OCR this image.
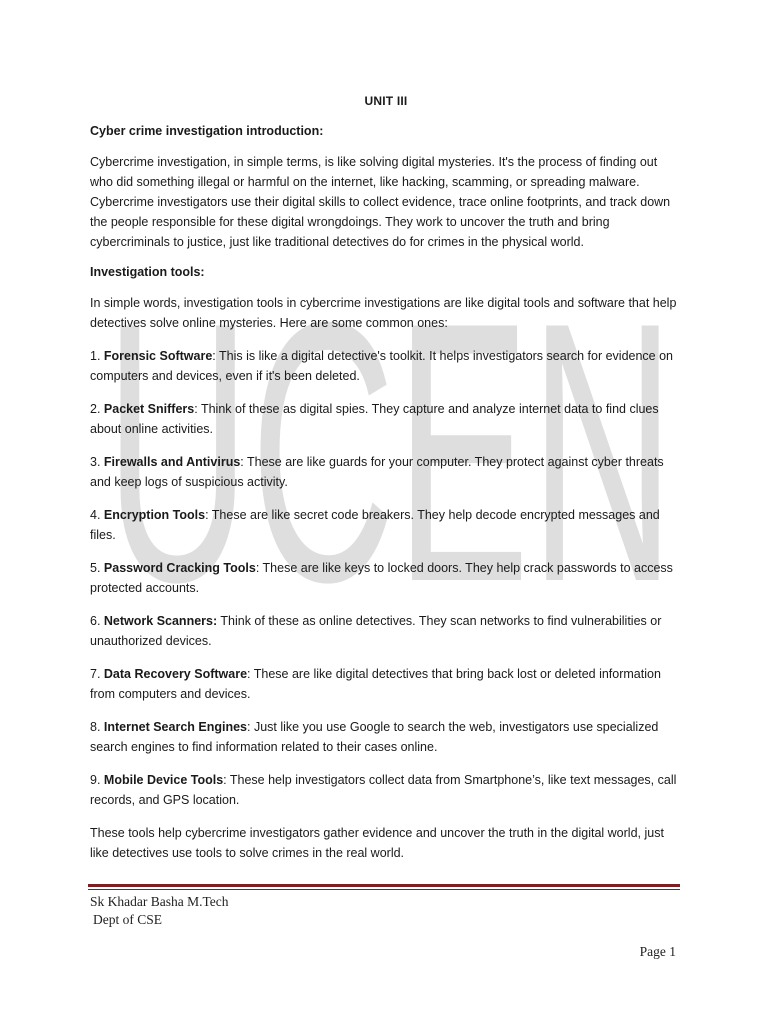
UCEN
UNIT III
Cyber crime investigation introduction:

Cybercrime investigation, in simple terms, is like solving digital mysteries. It's the process of finding out who did something illegal or harmful on the internet, like hacking, scamming, or spreading malware. Cybercrime investigators use their digital skills to collect evidence, trace online footprints, and track down the people responsible for these digital wrongdoings. They work to uncover the truth and bring cybercriminals to justice, just like traditional detectives do for crimes in the physical world.

Investigation tools:

In simple words, investigation tools in cybercrime investigations are like digital tools and software that help detectives solve online mysteries. Here are some common ones:

1. Forensic Software: This is like a digital detective's toolkit. It helps investigators search for evidence on computers and devices, even if it's been deleted.
2. Packet Sniffers: Think of these as digital spies. They capture and analyze internet data to find clues about online activities.
3. Firewalls and Antivirus: These are like guards for your computer. They protect against cyber threats and keep logs of suspicious activity.
4. Encryption Tools: These are like secret code breakers. They help decode encrypted messages and files.
5. Password Cracking Tools: These are like keys to locked doors. They help crack passwords to access protected accounts.
6. Network Scanners: Think of these as online detectives. They scan networks to find vulnerabilities or unauthorized devices.
7. Data Recovery Software: These are like digital detectives that bring back lost or deleted information from computers and devices.
8. Internet Search Engines: Just like you use Google to search the web, investigators use specialized search engines to find information related to their cases online.
9. Mobile Device Tools: These help investigators collect data from Smartphone’s, like text messages, call records, and GPS location.

These tools help cybercrime investigators gather evidence and uncover the truth in the digital world, just like detectives use tools to solve crimes in the real world.

Sk Khadar Basha M.Tech
Dept of CSE
Page 1
